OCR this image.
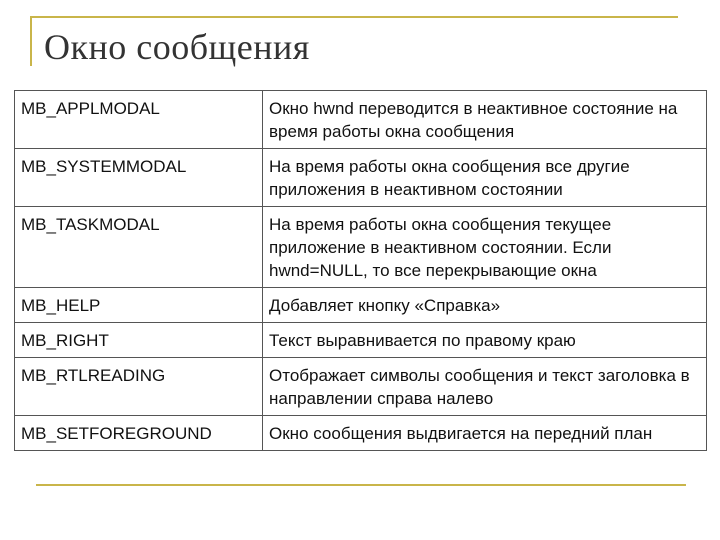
Окно сообщения
MB_APPLMODAL	Окно hwnd переводится в неактивное состояние на время работы окна сообщения
MB_SYSTEMMODAL	На время работы окна сообщения все другие приложения в неактивном состоянии
MB_TASKMODAL	На время работы окна сообщения текущее приложение в неактивном состоянии. Если hwnd=NULL, то все перекрывающие окна
MB_HELP	Добавляет кнопку «Справка»
MB_RIGHT	Текст выравнивается по правому краю
MB_RTLREADING	Отображает символы сообщения и текст заголовка в направлении справа налево
MB_SETFOREGROUND	Окно сообщения выдвигается на передний план
